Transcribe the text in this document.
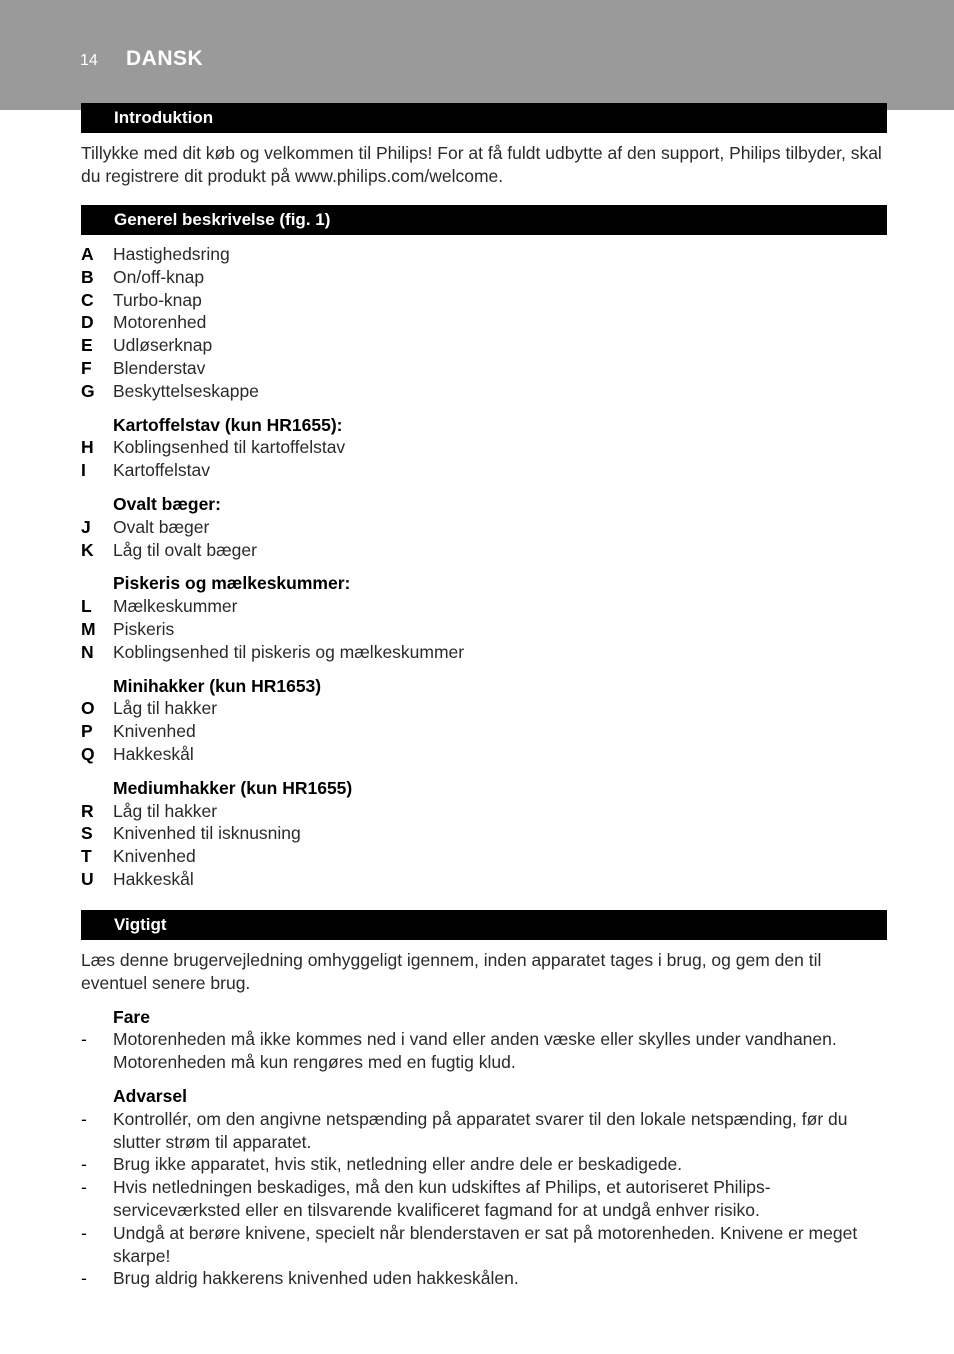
14 DANSK
Introduktion

Tillykke med dit køb og velkommen til Philips! For at få fuldt udbytte af den support, Philips tilbyder, skal du registrere dit produkt på www.philips.com/welcome.

Generel beskrivelse (fig. 1)
A Hastighedsring
B On/off-knap
C Turbo-knap
D Motorenhed
E Udløserknap
F Blenderstav
G Beskyttelseskappe

Kartoffelstav (kun HR1655):

H Koblingsenhed til kartoffelstav
I Kartoffelstav

Ovalt bæger:

J Ovalt bæger
K Låg til ovalt bæger

Piskeris og mælkeskummer:

L Mælkeskummer
M Piskeris
N Koblingsenhed til piskeris og mælkeskummer

Minihakker (kun HR1653)

O Låg til hakker
P Knivenhed
Q Hakkeskål

Mediumhakker (kun HR1655)

R Låg til hakker
S Knivenhed til isknusning
T Knivenhed
U Hakkeskål
Vigtigt

Læs denne brugervejledning omhyggeligt igennem, inden apparatet tages i brug, og gem den til eventuel senere brug.

Fare

- Motorenheden må ikke kommes ned i vand eller anden væske eller skylles under vandhanen. Motorenheden må kun rengøres med en fugtig klud.

Advarsel

- Kontrollér, om den angivne netspænding på apparatet svarer til den lokale netspænding, før du slutter strøm til apparatet.
- Brug ikke apparatet, hvis stik, netledning eller andre dele er beskadigede.
- Hvis netledningen beskadiges, må den kun udskiftes af Philips, et autoriseret Philips-serviceværksted eller en tilsvarende kvalificeret fagmand for at undgå enhver risiko.
- Undgå at berøre knivene, specielt når blenderstaven er sat på motorenheden. Knivene er meget skarpe!
- Brug aldrig hakkerens knivenhed uden hakkeskålen.
